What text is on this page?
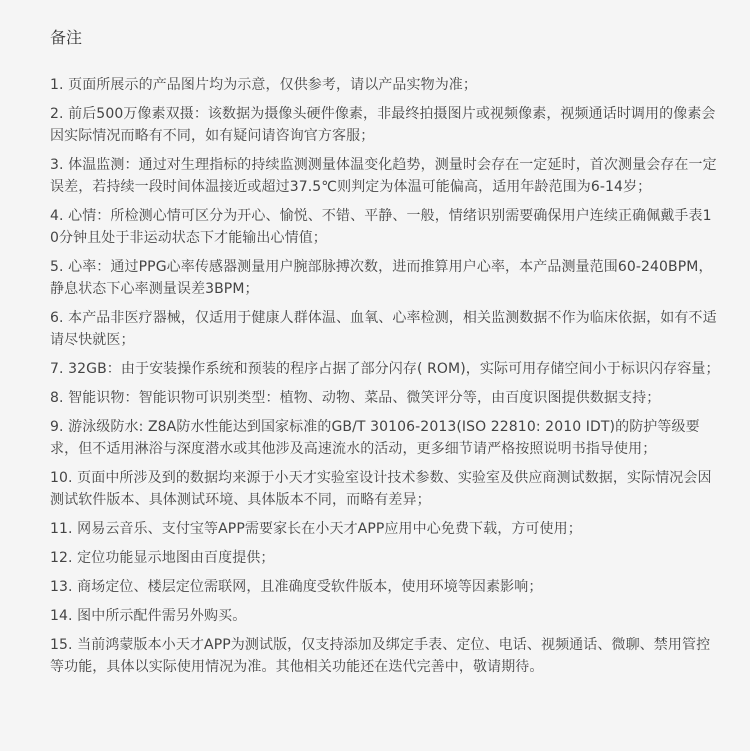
备注
1. 页面所展示的产品图片均为示意，仅供参考，请以产品实物为准；
2. 前后500万像素双摄：该数据为摄像头硬件像素，非最终拍摄图片或视频像素，视频通话时调用的像素会因实际情况而略有不同，如有疑问请咨询官方客服；
3. 体温监测：通过对生理指标的持续监测测量体温变化趋势，测量时会存在一定延时，首次测量会存在一定误差，若持续一段时间体温接近或超过37.5℃则判定为体温可能偏高，适用年龄范围为6-14岁；
4. 心情：所检测心情可区分为开心、愉悦、不错、平静、一般，情绪识别需要确保用户连续正确佩戴手表10分钟且处于非运动状态下才能输出心情值；
5. 心率：通过PPG心率传感器测量用户腕部脉搏次数，进而推算用户心率，本产品测量范围60-240BPM，静息状态下心率测量误差3BPM；
6. 本产品非医疗器械，仅适用于健康人群体温、血氧、心率检测，相关监测数据不作为临床依据，如有不适请尽快就医；
7. 32GB：由于安装操作系统和预装的程序占据了部分闪存( ROM)，实际可用存储空间小于标识闪存容量；
8. 智能识物：智能识物可识别类型：植物、动物、菜品、微笑评分等，由百度识图提供数据支持；
9. 游泳级防水: Z8A防水性能达到国家标准的GB/T 30106-2013(ISO 22810: 2010 IDT)的防护等级要求，但不适用淋浴与深度潜水或其他涉及高速流水的活动，更多细节请严格按照说明书指导使用；
10. 页面中所涉及到的数据均来源于小天才实验室设计技术参数、实验室及供应商测试数据，实际情况会因测试软件版本、具体测试环境、具体版本不同，而略有差异；
11. 网易云音乐、支付宝等APP需要家长在小天才APP应用中心免费下载，方可使用；
12. 定位功能显示地图由百度提供；
13. 商场定位、楼层定位需联网，且准确度受软件版本，使用环境等因素影响；
14. 图中所示配件需另外购买。
15. 当前鸿蒙版本小天才APP为测试版，仅支持添加及绑定手表、定位、电话、视频通话、微聊、禁用管控等功能，具体以实际使用情况为准。其他相关功能还在迭代完善中，敬请期待。
